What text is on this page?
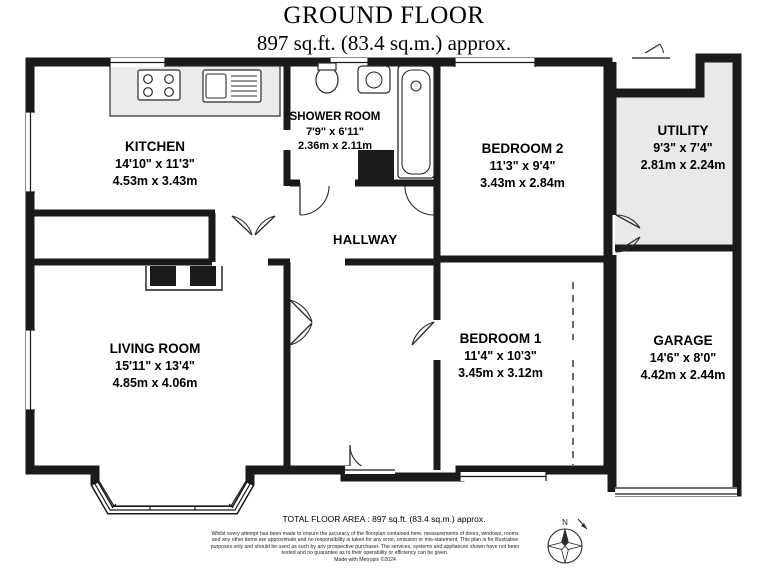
GROUND FLOOR
897 sq.ft. (83.4 sq.m.) approx.
KITCHEN
14'10" x 11'3"
4.53m x 3.43m
SHOWER ROOM
7'9" x 6'11"
2.36m x 2.11m	BEDROOM 2
11'3" x 9'4"
3.43m x 2.84m
UTILITY
9'3" x 7'4"
2.81m x 2.24m
LIVING ROOM
15'11" x 13'4"
4.85m x 4.06m
BEDROOM 1
11'4" x 10'3"
3.45m x 3.12m
GARAGE
14'6" x 8'0"
4.42m x 2.44m
HALLWAY
TOTAL FLOOR AREA : 897 sq.ft. (83.4 sq.m.) approx.
Whilst every attempt has been made to ensure the accuracy of the floorplan contained here, measurements of doors, windows, rooms and any other items are approximate and no responsibility is taken for any error, omission or mis-statement. This plan is for illustrative purposes only and should be used as such by any prospective purchaser. The services, systems and appliances shown have not been tested and no guarantee as to their operability or efficiency can be given.
Made with Metropix ©2024
N
